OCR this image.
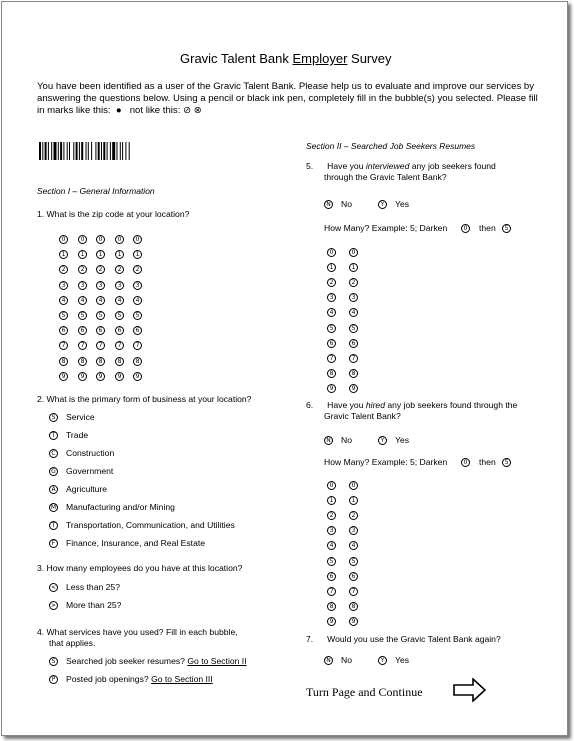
Gravic Talent Bank Employer Survey
You have been identified as a user of the Gravic Talent Bank. Please help us to evaluate and improve our services by answering the questions below. Using a pencil or black ink pen, completely fill in the bubble(s) you selected. Please fill in marks like this: ● not like this: ⊘ ⊗
Section I – General Information
1. What is the zip code at your location?
0	0	0	0	0
1	1	1	1	1
2	2	2	2	2
3	3	3	3	3
4	4	4	4	4
5	5	5	5	5
6	6	6	6	6
7	7	7	7	7
8	8	8	8	8
9	9	9	9	9
2. What is the primary form of business at your location?
S	Service
T	Trade
C Construction
G Government
A Agriculture
M Manufacturing and/or Mining
T	Transportation, Communication, and Utilities
F	Finance, Insurance, and Real Estate
3. How many employees do you have at this location?
< Less than 25?
> More than 25?
4. What services have you used? Fill in each bubble,
that applies.
S	Searched job seeker resumes? Go to Section II
P	Posted job openings? Go to Section III
Section II – Searched Job Seekers Resumes
5. Have you interviewed any job seekers found
through the Gravic Talent Bank?
N No	Y	Yes
How Many? Example: 5; Darken	0	then	5
0	0
1	1
2	2
3	3
4	4
5	5
6	6
7	7
8	8
9	9
6. Have you hired any job seekers found through the
Gravic Talent Bank?
N No	Y	Yes
How Many? Example: 5; Darken	0	then	5
0	0
1	1
2	2
3	3
4	4
5	5
6	6
7	7
8	8
9	9
7. Would you use the Gravic Talent Bank again?
N No	Y	Yes
Turn Page and Continue
